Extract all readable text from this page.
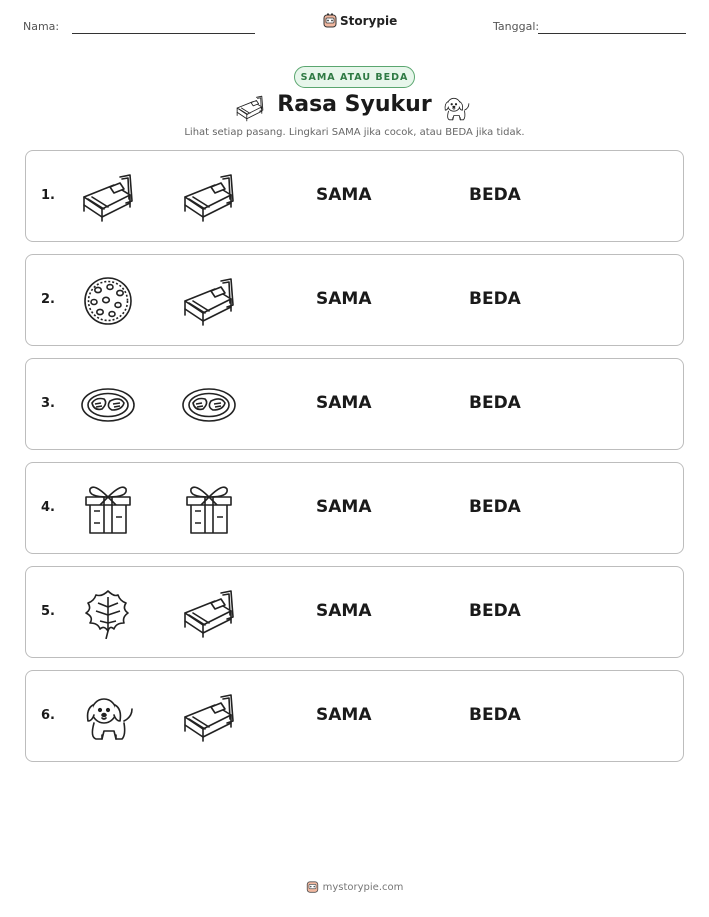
Nama:	Storypie	Tanggal:
SAMA ATAU BEDA
Rasa Syukur
Lihat setiap pasang. Lingkari SAMA jika cocok, atau BEDA jika tidak.
1.	SAMA	BEDA
2.	SAMA	BEDA
3.	SAMA	BEDA
4.	SAMA	BEDA
5.	SAMA	BEDA
6.	SAMA	BEDA
mystorypie.com
